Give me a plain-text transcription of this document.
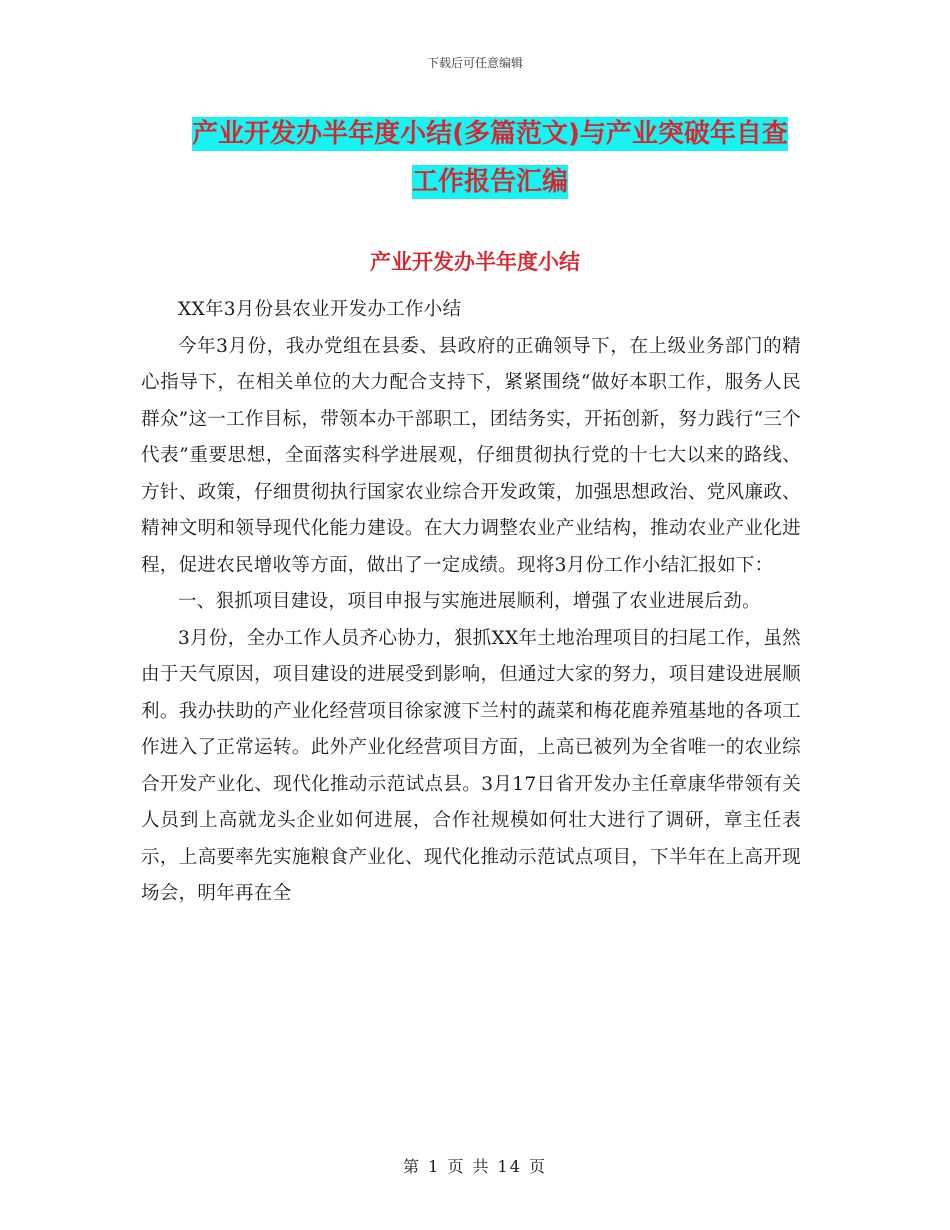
下载后可任意编辑
产业开发办半年度小结(多篇范文)与产业突破年自查
工作报告汇编
产业开发办半年度小结

XX年3月份县农业开发办工作小结

今年3月份，我办党组在县委、县政府的正确领导下，在上级业务部门的精心指导下，在相关单位的大力配合支持下，紧紧围绕“做好本职工作，服务人民群众”这一工作目标，带领本办干部职工，团结务实，开拓创新，努力践行“三个代表”重要思想，全面落实科学进展观，仔细贯彻执行党的十七大以来的路线、方针、政策，仔细贯彻执行国家农业综合开发政策，加强思想政治、党风廉政、精神文明和领导现代化能力建设。在大力调整农业产业结构，推动农业产业化进程，促进农民增收等方面，做出了一定成绩。现将3月份工作小结汇报如下：

一、狠抓项目建设，项目申报与实施进展顺利，增强了农业进展后劲。

3月份，全办工作人员齐心协力，狠抓XX年土地治理项目的扫尾工作，虽然由于天气原因，项目建设的进展受到影响，但通过大家的努力，项目建设进展顺利。我办扶助的产业化经营项目徐家渡下兰村的蔬菜和梅花鹿养殖基地的各项工作进入了正常运转。此外产业化经营项目方面，上高已被列为全省唯一的农业综合开发产业化、现代化推动示范试点县。3月17日省开发办主任章康华带领有关人员到上高就龙头企业如何进展，合作社规模如何壮大进行了调研，章主任表示，上高要率先实施粮食产业化、现代化推动示范试点项目，下半年在上高开现场会，明年再在全

第 1 页 共 14 页
